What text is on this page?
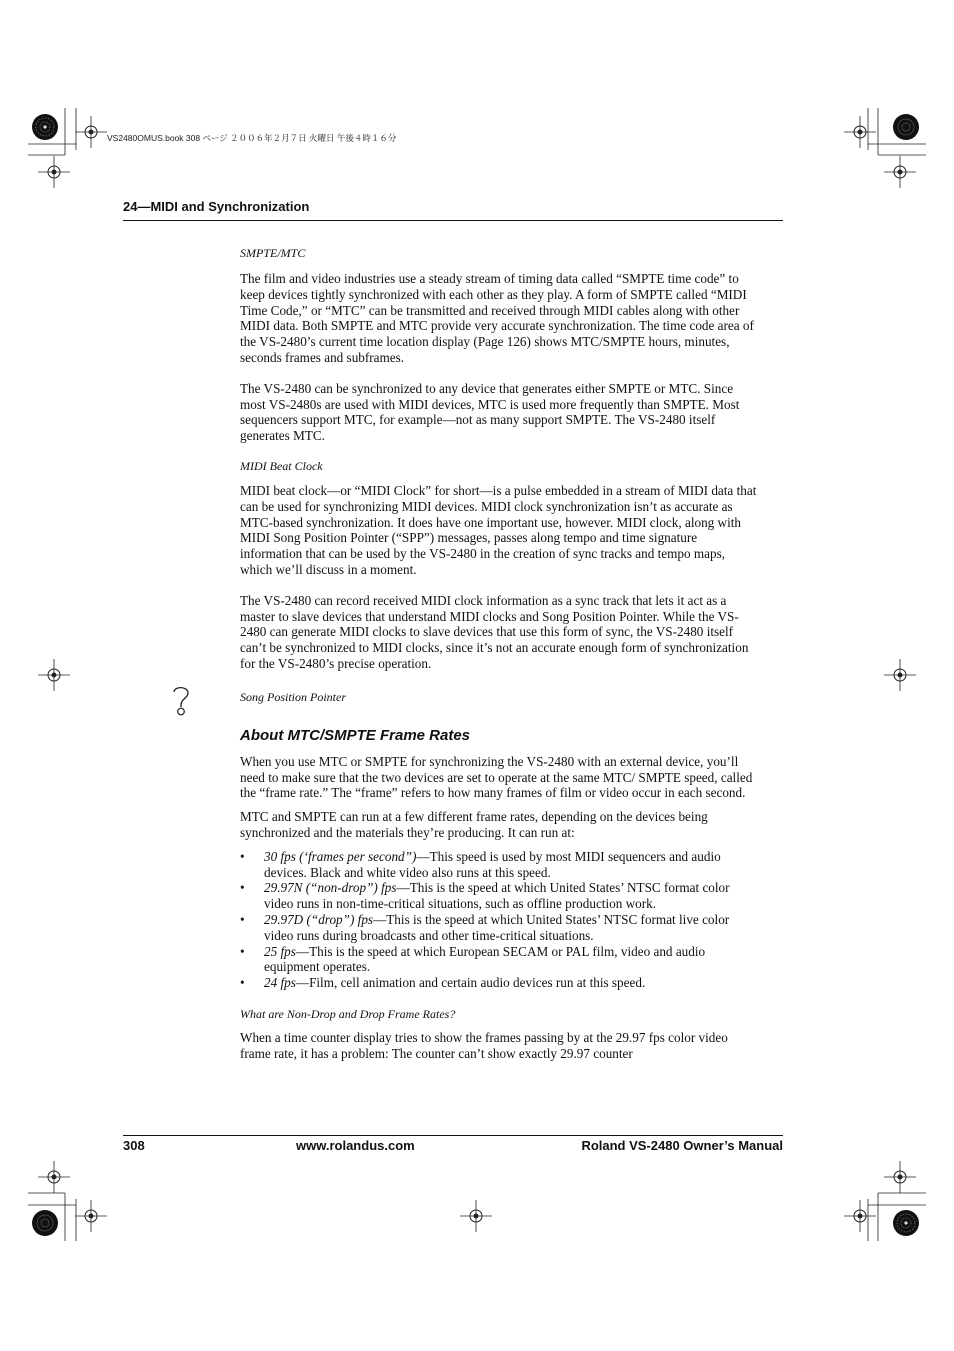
VS2480OMUS.book 308 ページ ２００６年２月７日 火曜日 午後４時１６分
24—MIDI and Synchronization

SMPTE/MTC

The film and video industries use a steady stream of timing data called “SMPTE time code” to keep devices tightly synchronized with each other as they play. A form of SMPTE called “MIDI Time Code,” or “MTC” can be transmitted and received through MIDI cables along with other MIDI data. Both SMPTE and MTC provide very accurate synchronization. The time code area of the VS-2480’s current time location display (Page 126) shows MTC/SMPTE hours, minutes, seconds frames and subframes.

The VS-2480 can be synchronized to any device that generates either SMPTE or MTC. Since most VS-2480s are used with MIDI devices, MTC is used more frequently than SMPTE. Most sequencers support MTC, for example—not as many support SMPTE. The VS-2480 itself generates MTC.

MIDI Beat Clock

MIDI beat clock—or “MIDI Clock” for short—is a pulse embedded in a stream of MIDI data that can be used for synchronizing MIDI devices. MIDI clock synchronization isn’t as accurate as MTC-based synchronization. It does have one important use, however. MIDI clock, along with MIDI Song Position Pointer (“SPP”) messages, passes along tempo and time signature information that can be used by the VS-2480 in the creation of sync tracks and tempo maps, which we’ll discuss in a moment.

The VS-2480 can record received MIDI clock information as a sync track that lets it act as a master to slave devices that understand MIDI clocks and Song Position Pointer. While the VS-2480 can generate MIDI clocks to slave devices that use this form of sync, the VS-2480 itself can’t be synchronized to MIDI clocks, since it’s not an accurate enough form of synchronization for the VS-2480’s precise operation.

Song Position Pointer

About MTC/SMPTE Frame Rates

When you use MTC or SMPTE for synchronizing the VS-2480 with an external device, you’ll need to make sure that the two devices are set to operate at the same MTC/ SMPTE speed, called the “frame rate.” The “frame” refers to how many frames of film or video occur in each second.

MTC and SMPTE can run at a few different frame rates, depending on the devices being synchronized and the materials they’re producing. It can run at:

• 30 fps (‘frames per second”)—This speed is used by most MIDI sequencers and audio devices. Black and white video also runs at this speed.
• 29.97N (“non-drop”) fps—This is the speed at which United States’ NTSC format color video runs in non-time-critical situations, such as offline production work.
• 29.97D (“drop”) fps—This is the speed at which United States’ NTSC format live color video runs during broadcasts and other time-critical situations.
• 25 fps—This is the speed at which European SECAM or PAL film, video and audio equipment operates.
• 24 fps—Film, cell animation and certain audio devices run at this speed.

What are Non-Drop and Drop Frame Rates?

When a time counter display tries to show the frames passing by at the 29.97 fps color video frame rate, it has a problem: The counter can’t show exactly 29.97 counter

308	www.rolandus.com	Roland VS-2480 Owner’s Manual
